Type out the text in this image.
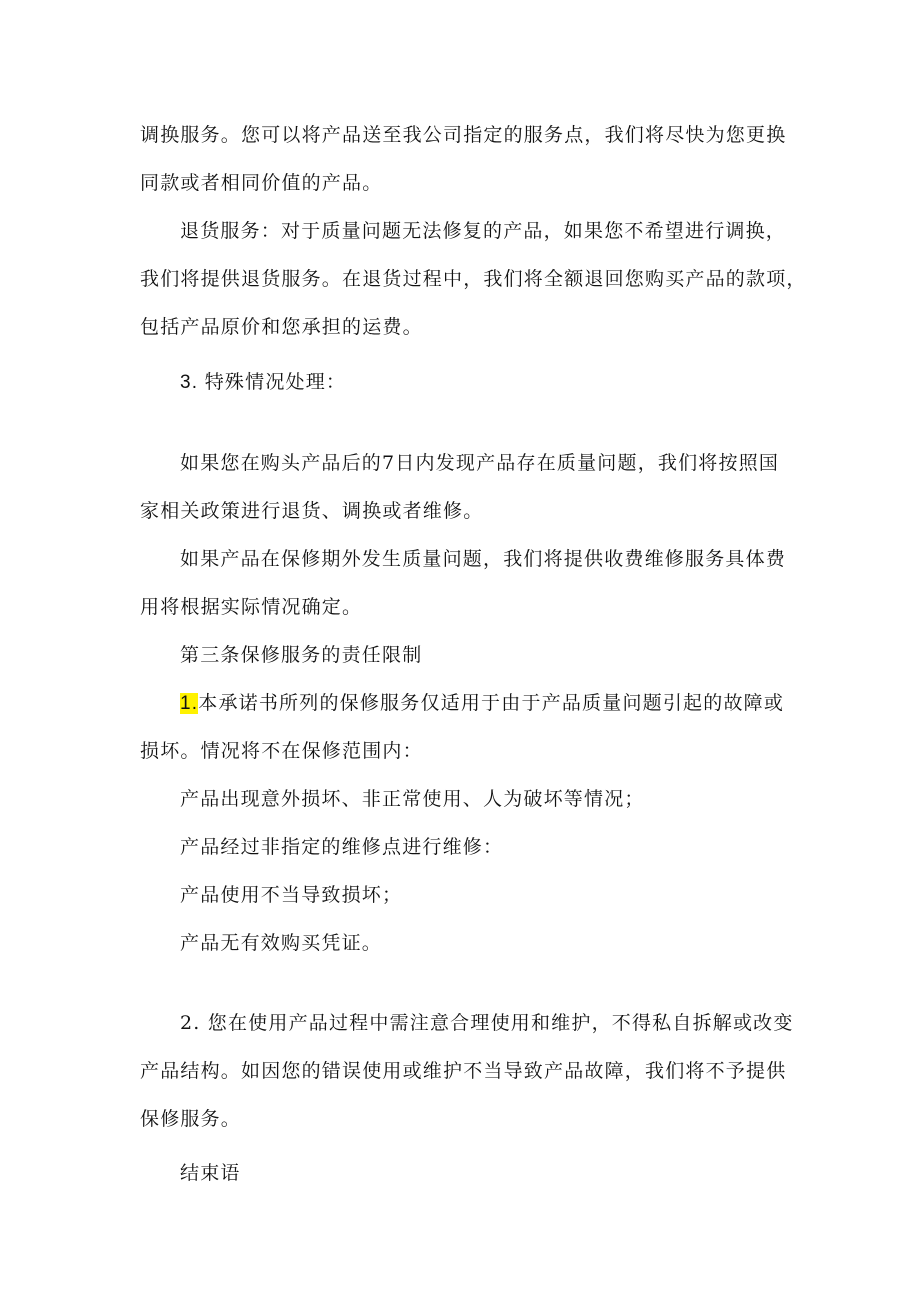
调换服务。您可以将产品送至我公司指定的服务点，我们将尽快为您更换

同款或者相同价值的产品。

退货服务：对于质量问题无法修复的产品，如果您不希望进行调换，

我们将提供退货服务。在退货过程中，我们将全额退回您购买产品的款项，

包括产品原价和您承担的运费。

3. 特殊情况处理：

如果您在购头产品后的7日内发现产品存在质量问题，我们将按照国

家相关政策进行退货、调换或者维修。

如果产品在保修期外发生质量问题，我们将提供收费维修服务具体费

用将根据实际情况确定。

第三条保修服务的责任限制

1.本承诺书所列的保修服务仅适用于由于产品质量问题引起的故障或

损坏。情况将不在保修范围内：

产品出现意外损坏、非正常使用、人为破坏等情况；

产品经过非指定的维修点进行维修：

产品使用不当导致损坏；

产品无有效购买凭证。

2. 您在使用产品过程中需注意合理使用和维护，不得私自拆解或改变

产品结构。如因您的错误使用或维护不当导致产品故障，我们将不予提供

保修服务。

结束语
